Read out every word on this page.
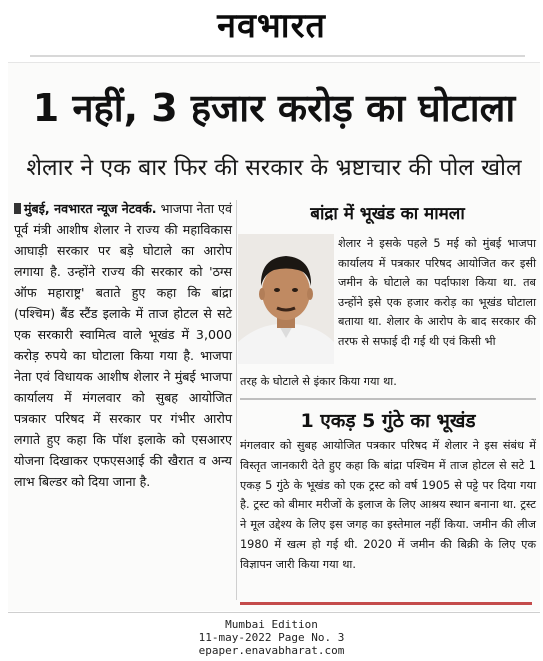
नवभारत
1 नहीं, 3 हजार करोड़ का घोटाला
शेलार ने एक बार फिर की सरकार के भ्रष्टाचार की पोल खोल
मुंबई, नवभारत न्यूज नेटवर्क. भाजपा नेता एवं पूर्व मंत्री आशीष शेलार ने राज्य की महाविकास आघाड़ी सरकार पर बड़े घोटाले का आरोप लगाया है. उन्होंने राज्य की सरकार को 'ठग्स ऑफ महाराष्ट्र' बताते हुए कहा कि बांद्रा (पश्चिम) बैंड स्टैंड इलाके में ताज होटल से सटे एक सरकारी स्वामित्व वाले भूखंड में 3,000 करोड़ रुपये का घोटाला किया गया है. भाजपा नेता एवं विधायक आशीष शेलार ने मुंबई भाजपा कार्यालय में मंगलवार को सुबह आयोजित पत्रकार परिषद में सरकार पर गंभीर आरोप लगाते हुए कहा कि पॉश इलाके को एसआरए योजना दिखाकर एफएसआई की खैरात व अन्य लाभ बिल्डर को दिया जाना है.
बांद्रा में भूखंड का मामला
शेलार ने इसके पहले 5 मई को मुंबई भाजपा कार्यालय में पत्रकार परिषद आयोजित कर इसी जमीन के घोटाले का पर्दाफाश किया था. तब उन्होंने इसे एक हजार करोड़ का भूखंड घोटाला बताया था. शेलार के आरोप के बाद सरकार की तरफ से सफाई दी गई थी एवं किसी भी
तरह के घोटाले से इंकार किया गया था.
1 एकड़ 5 गुंठे का भूखंड
मंगलवार को सुबह आयोजित पत्रकार परिषद में शेलार ने इस संबंध में विस्तृत जानकारी देते हुए कहा कि बांद्रा पश्चिम में ताज होटल से सटे 1 एकड़ 5 गुंठे के भूखंड को एक ट्रस्ट को वर्ष 1905 से पट्टे पर दिया गया है. ट्रस्ट को बीमार मरीजों के इलाज के लिए आश्रय स्थान बनाना था. ट्रस्ट ने मूल उद्देश्य के लिए इस जगह का इस्तेमाल नहीं किया. जमीन की लीज 1980 में खत्म हो गई थी. 2020 में जमीन की बिक्री के लिए एक विज्ञापन जारी किया गया था.
Mumbai Edition
11-may-2022 Page No. 3
epaper.enavabharat.com
